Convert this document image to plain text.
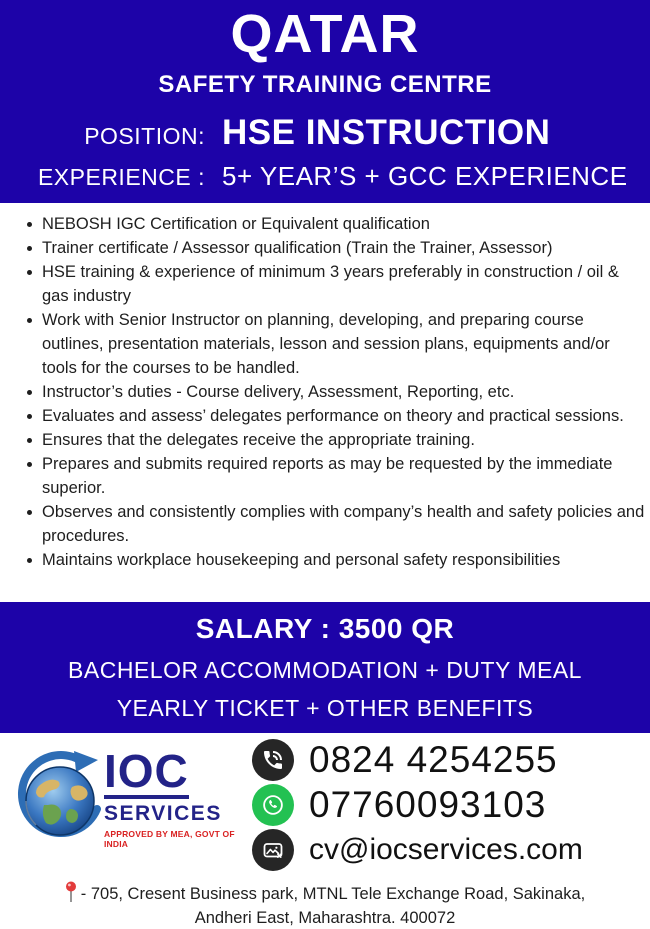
QATAR
SAFETY TRAINING CENTRE
POSITION: HSE INSTRUCTION
EXPERIENCE : 5+ YEAR’S + GCC EXPERIENCE
NEBOSH IGC Certification or Equivalent qualification
Trainer certificate / Assessor qualification (Train the Trainer, Assessor)
HSE training & experience of minimum 3 years preferably in construction / oil & gas industry
Work with Senior Instructor on planning, developing, and preparing course outlines, presentation materials, lesson and session plans, equipments and/or tools for the courses to be handled.
Instructor’s duties - Course delivery, Assessment, Reporting, etc.
Evaluates and assess’ delegates performance on theory and practical sessions.
Ensures that the delegates receive the appropriate training.
Prepares and submits required reports as may be requested by the immediate superior.
Observes and consistently complies with company’s health and safety policies and procedures.
Maintains workplace housekeeping and personal safety responsibilities
SALARY : 3500 QR
BACHELOR ACCOMMODATION + DUTY MEAL
YEARLY TICKET + OTHER BENEFITS
IOC
SERVICES
APPROVED BY MEA, GOVT OF INDIA
0824 4254255
07760093103
cv@iocservices.com
- 705, Cresent Business park, MTNL Tele Exchange Road, Sakinaka,
Andheri East, Maharashtra. 400072
